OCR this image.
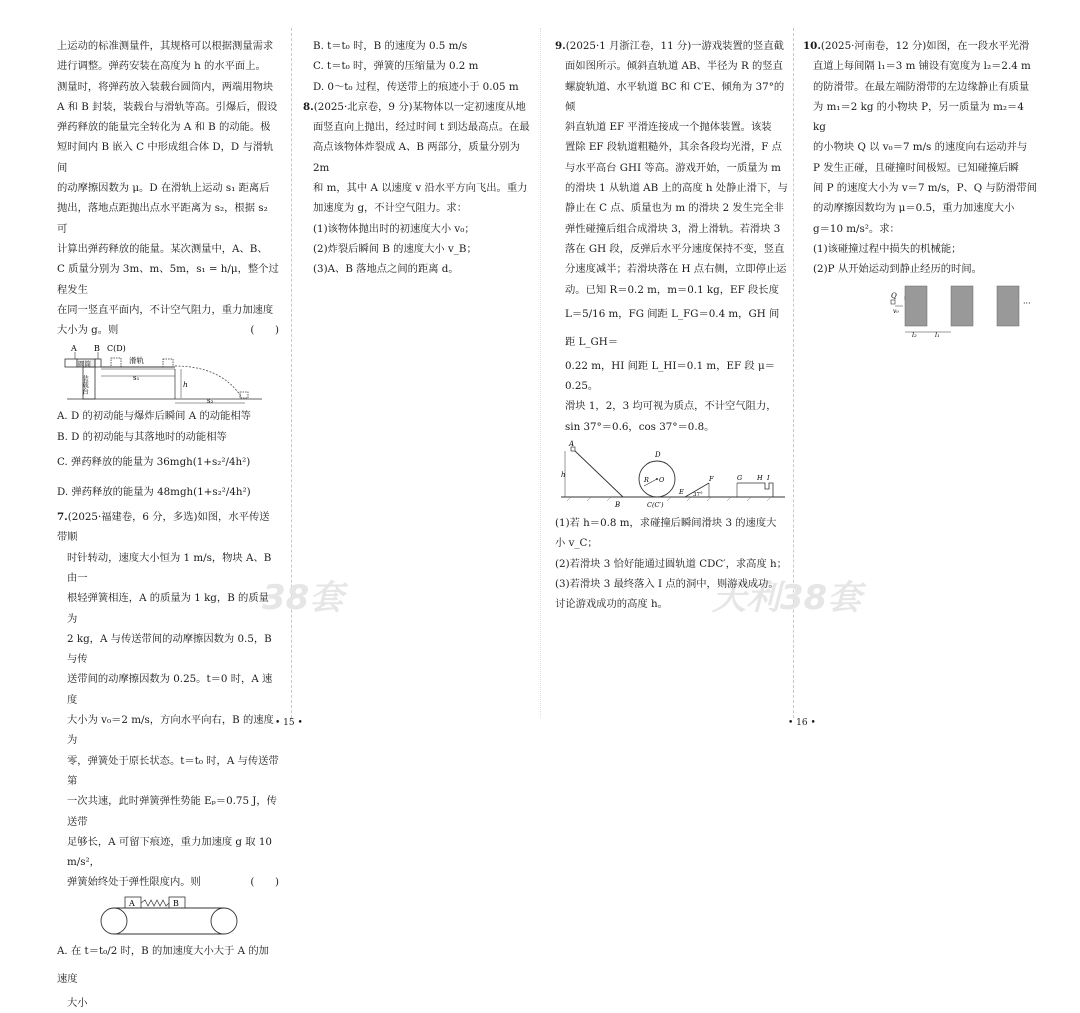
38套	天利38套

上运动的标准测量件，其规格可以根据测量需求

进行调整。弹药安装在高度为 h 的水平面上。

测量时，将弹药放入装载台圆筒内，两端用物块

A 和 B 封装，装载台与滑轨等高。引爆后，假设

弹药释放的能量完全转化为 A 和 B 的动能。极

短时间内 B 嵌入 C 中形成组合体 D，D 与滑轨间

的动摩擦因数为 μ。D 在滑轨上运动 s₁ 距离后

抛出，落地点距抛出点水平距离为 s₂，根据 s₂ 可

计算出弹药释放的能量。某次测量中，A、B、

C 质量分别为 3m、m、5m，s₁ = h/μ，整个过程发生

在同一竖直平面内，不计空气阻力，重力加速度

大小为 g。则	(　　)

A B C(D)
圆筒
装载台
滑轨
s₁
h
s₂

A. D 的初动能与爆炸后瞬间 A 的动能相等

B. D 的初动能与其落地时的动能相等

C. 弹药释放的能量为 36mgh(1+s₂²/4h²)

D. 弹药释放的能量为 48mgh(1+s₂²/4h²)

7.(2025·福建卷，6 分，多选)如图，水平传送带顺

时针转动，速度大小恒为 1 m/s，物块 A、B 由一

根轻弹簧相连，A 的质量为 1 kg，B 的质量为

2 kg，A 与传送带间的动摩擦因数为 0.5，B 与传

送带间的动摩擦因数为 0.25。t＝0 时，A 速度

大小为 v₀＝2 m/s，方向水平向右，B 的速度为

零，弹簧处于原长状态。t＝t₀ 时，A 与传送带第

一次共速，此时弹簧弹性势能 Eₚ＝0.75 J，传送带

足够长，A 可留下痕迹，重力加速度 g 取 10 m/s²，

弹簧始终处于弹性限度内。则	(　　)

A	B

A. 在 t＝t₀/2 时，B 的加速度大小大于 A 的加速度

大小

B. t＝t₀ 时，B 的速度为 0.5 m/s

C. t＝t₀ 时，弹簧的压缩量为 0.2 m

D. 0～t₀ 过程，传送带上的痕迹小于 0.05 m

8.(2025·北京卷，9 分)某物体以一定初速度从地

面竖直向上抛出，经过时间 t 到达最高点。在最

高点该物体炸裂成 A、B 两部分，质量分别为 2m

和 m，其中 A 以速度 v 沿水平方向飞出。重力

加速度为 g，不计空气阻力。求：

(1)该物体抛出时的初速度大小 v₀；

(2)炸裂后瞬间 B 的速度大小 v_B；

(3)A、B 落地点之间的距离 d。

9.(2025·1 月浙江卷，11 分)一游戏装置的竖直截

面如图所示。倾斜直轨道 AB、半径为 R 的竖直

螺旋轨道、水平轨道 BC 和 C′E、倾角为 37°的倾

斜直轨道 EF 平滑连接成一个抛体装置。该装

置除 EF 段轨道粗糙外，其余各段均光滑，F 点

与水平高台 GHI 等高。游戏开始，一质量为 m

的滑块 1 从轨道 AB 上的高度 h 处静止滑下，与

静止在 C 点、质量也为 m 的滑块 2 发生完全非

弹性碰撞后组合成滑块 3，滑上滑轨。若滑块 3

落在 GH 段，反弹后水平分速度保持不变，竖直

分速度减半；若滑块落在 H 点右侧，立即停止运

动。已知 R＝0.2 m，m＝0.1 kg，EF 段长度

L＝5/16 m，FG 间距 L_FG＝0.4 m，GH 间距 L_GH＝

0.22 m，HI 间距 L_HI＝0.1 m，EF 段 μ＝0.25。

滑块 1，2，3 均可视为质点，不计空气阻力，

sin 37°＝0.6，cos 37°＝0.8。

A
h
B
R O
D
C(C′)
E
F
37°
G H I

(1)若 h＝0.8 m，求碰撞后瞬间滑块 3 的速度大

小 v_C；

(2)若滑块 3 恰好能通过圆轨道 CDC′，求高度 h；

(3)若滑块 3 最终落入 I 点的洞中，则游戏成功。

讨论游戏成功的高度 h。

10.(2025·河南卷，12 分)如图，在一段水平光滑

直道上每间隔 l₁＝3 m 铺设有宽度为 l₂＝2.4 m

的防滑带。在最左端防滑带的左边缘静止有质量

为 m₁＝2 kg 的小物块 P，另一质量为 m₂＝4 kg

的小物块 Q 以 v₀＝7 m/s 的速度向右运动并与

P 发生正碰，且碰撞时间极短。已知碰撞后瞬

间 P 的速度大小为 v＝7 m/s，P、Q 与防滑带间

的动摩擦因数均为 μ＝0.5，重力加速度大小

g＝10 m/s²。求：

(1)该碰撞过程中损失的机械能；

(2)P 从开始运动到静止经历的时间。

Q
v₀
···
l₂	l₁
• 15 •	• 16 •
